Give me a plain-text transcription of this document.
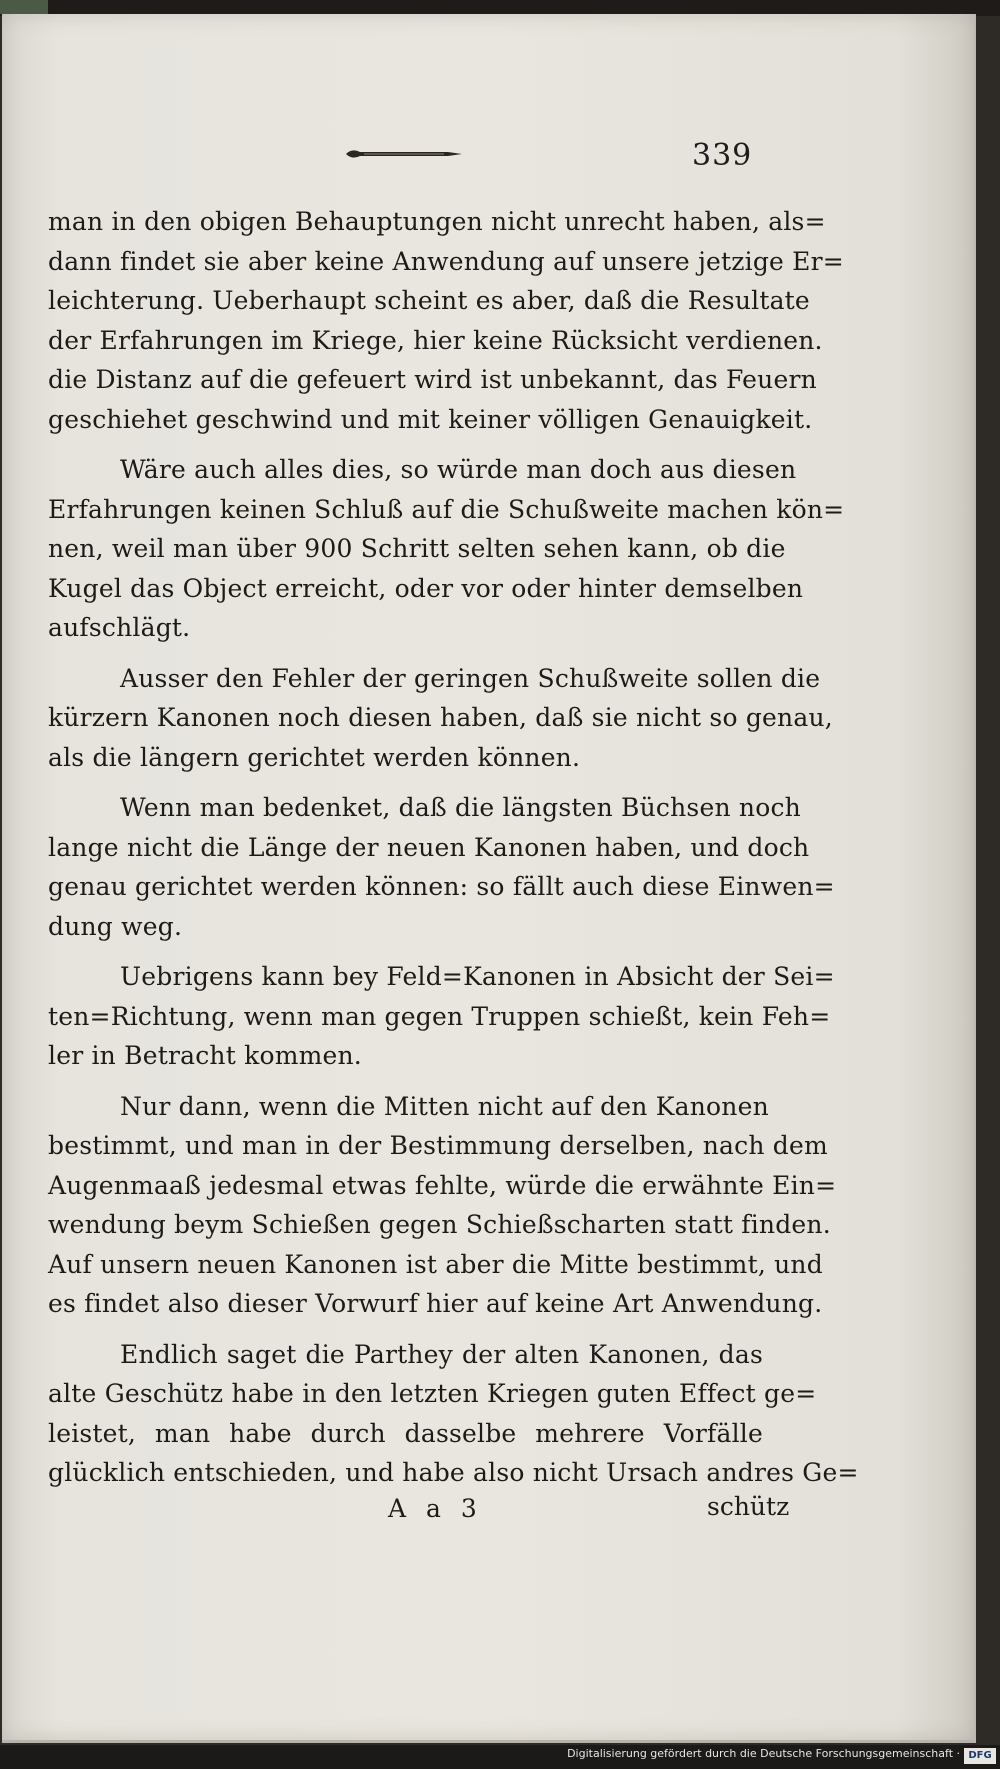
339
man in den obigen Behauptungen nicht unrecht haben, als=
dann findet sie aber keine Anwendung auf unsere jetzige Er=
leichterung. Ueberhaupt scheint es aber, daß die Resultate
der Erfahrungen im Kriege, hier keine Rücksicht verdienen.
die Distanz auf die gefeuert wird ist unbekannt, das Feuern
geschiehet geschwind und mit keiner völligen Genauigkeit.
Wäre auch alles dies, so würde man doch aus diesen
Erfahrungen keinen Schluß auf die Schußweite machen kön=
nen, weil man über 900 Schritt selten sehen kann, ob die
Kugel das Object erreicht, oder vor oder hinter demselben
aufschlägt.
Ausser den Fehler der geringen Schußweite sollen die
kürzern Kanonen noch diesen haben, daß sie nicht so genau,
als die längern gerichtet werden können.
Wenn man bedenket, daß die längsten Büchsen noch
lange nicht die Länge der neuen Kanonen haben, und doch
genau gerichtet werden können: so fällt auch diese Einwen=
dung weg.
Uebrigens kann bey Feld=Kanonen in Absicht der Sei=
ten=Richtung, wenn man gegen Truppen schießt, kein Feh=
ler in Betracht kommen.
Nur dann, wenn die Mitten nicht auf den Kanonen
bestimmt, und man in der Bestimmung derselben, nach dem
Augenmaaß jedesmal etwas fehlte, würde die erwähnte Ein=
wendung beym Schießen gegen Schießscharten statt finden.
Auf unsern neuen Kanonen ist aber die Mitte bestimmt, und
es findet also dieser Vorwurf hier auf keine Art Anwendung.
Endlich saget die Parthey der alten Kanonen, das
alte Geschütz habe in den letzten Kriegen guten Effect ge=
leistet, man habe durch dasselbe mehrere Vorfälle
glücklich entschieden, und habe also nicht Ursach andres Ge=
A a 3	schütz
Digitalisierung gefördert durch die Deutsche Forschungsgemeinschaft · DFG
